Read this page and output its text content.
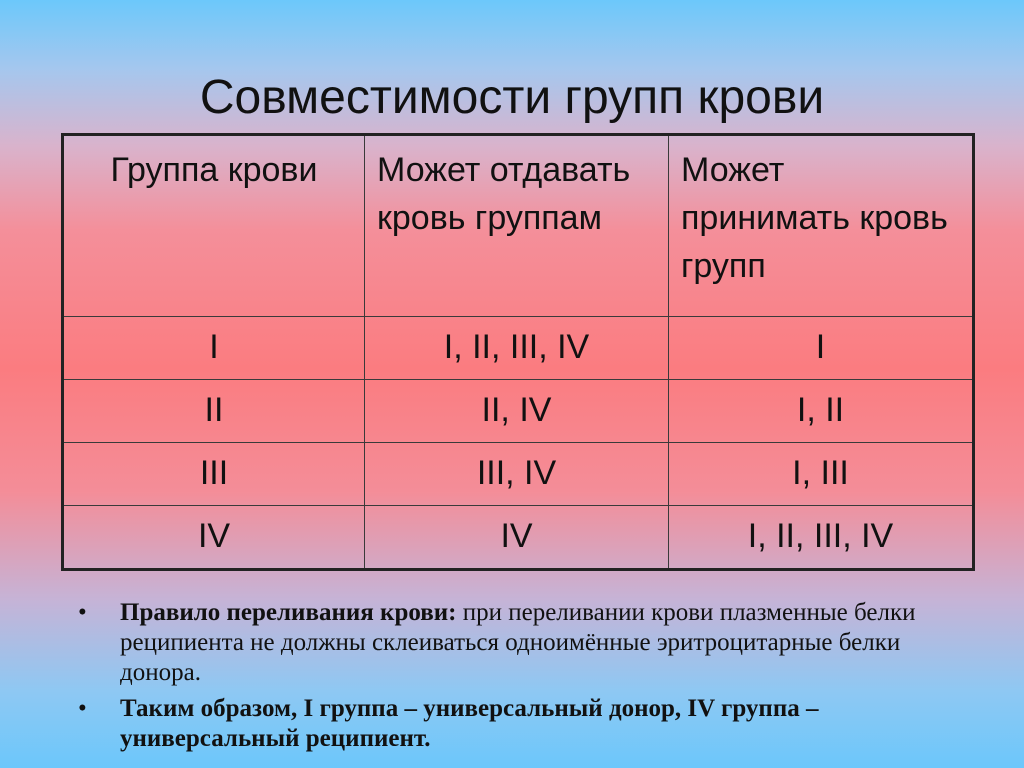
Совместимости групп крови
Группа крови	Может отдавать кровь группам	Может принимать кровь групп
I	I, II, III, IV	I
II	II, IV	I, II
III	III, IV	I, III
IV	IV	I, II, III, IV
• Правило переливания крови: при переливании крови плазменные белки реципиента не должны склеиваться одноимённые эритроцитарные белки донора.
• Таким образом, I группа – универсальный донор, IV группа – универсальный реципиент.
